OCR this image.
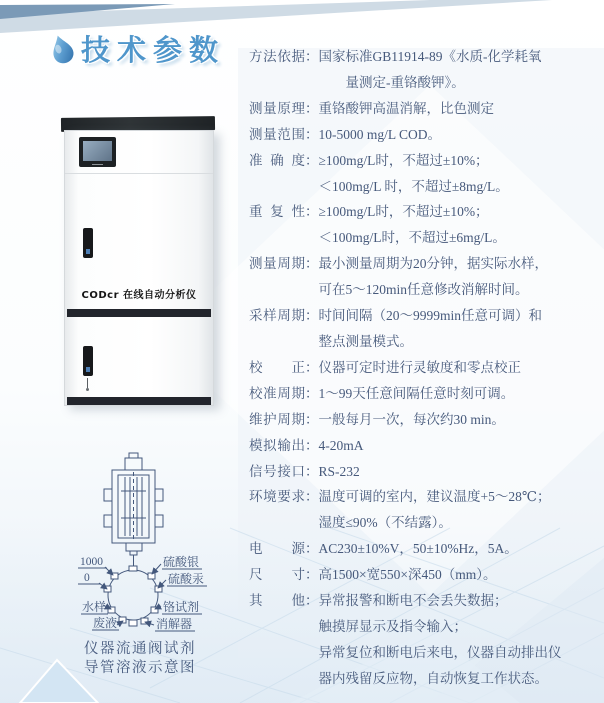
技术参数
CODcr 在线自动分析仪
1000
0
水样
废液
硫酸银
硫酸汞
铬试剂
消解器
仪器流通阀试剂
导管溶液示意图
方法依据 ： 国家标准GB11914-89《水质-化学耗氧
　　量测定-重铬酸钾》。
测量原理 ： 重铬酸钾高温消解，比色测定
测量范围 ： 10-5000 mg/L COD。
准确度 ： ≥100mg/L时，不超过±10%；
＜100mg/L 时，不超过±8mg/L。
重复性 ： ≥100mg/L时，不超过±10%；
＜100mg/L时，不超过±6mg/L。
测量周期 ： 最小测量周期为20分钟，据实际水样，
可在5～120min任意修改消解时间。
采样周期 ： 时间间隔（20～9999min任意可调）和
整点测量模式。
校正 ： 仪器可定时进行灵敏度和零点校正
校准周期 ： 1～99天任意间隔任意时刻可调。
维护周期 ： 一般每月一次，每次约30 min。
模拟输出 ： 4-20mA
信号接口 ： RS-232
环境要求 ： 温度可调的室内，建议温度+5～28℃；
湿度≤90%（不结露）。
电源 ： AC230±10%V，50±10%Hz，5A。
尺寸 ： 高1500×宽550×深450（mm）。
其他 ： 异常报警和断电不会丢失数据；
触摸屏显示及指令输入；
异常复位和断电后来电，仪器自动排出仪
器内残留反应物，自动恢复工作状态。
